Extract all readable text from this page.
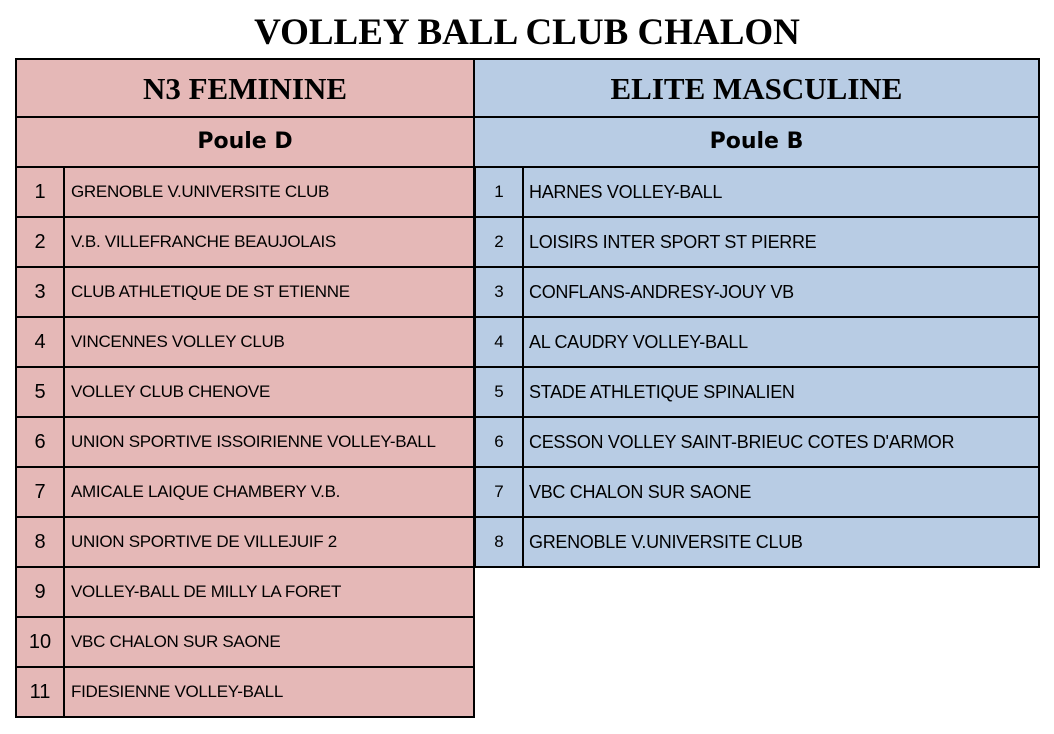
VOLLEY BALL CLUB CHALON
N3 FEMININE
Poule D
1	GRENOBLE V.UNIVERSITE CLUB
2	V.B. VILLEFRANCHE BEAUJOLAIS
3	CLUB ATHLETIQUE DE ST ETIENNE
4	VINCENNES VOLLEY CLUB
5	VOLLEY CLUB CHENOVE
6	UNION SPORTIVE ISSOIRIENNE VOLLEY-BALL
7	AMICALE LAIQUE CHAMBERY V.B.
8	UNION SPORTIVE DE VILLEJUIF 2
9	VOLLEY-BALL DE MILLY LA FORET
10	VBC CHALON SUR SAONE
11	FIDESIENNE VOLLEY-BALL
ELITE MASCULINE
Poule B
1	HARNES VOLLEY-BALL
2	LOISIRS INTER SPORT ST PIERRE
3	CONFLANS-ANDRESY-JOUY VB
4	AL CAUDRY VOLLEY-BALL
5	STADE ATHLETIQUE SPINALIEN
6	CESSON VOLLEY SAINT-BRIEUC COTES D'ARMOR
7	VBC CHALON SUR SAONE
8	GRENOBLE V.UNIVERSITE CLUB
